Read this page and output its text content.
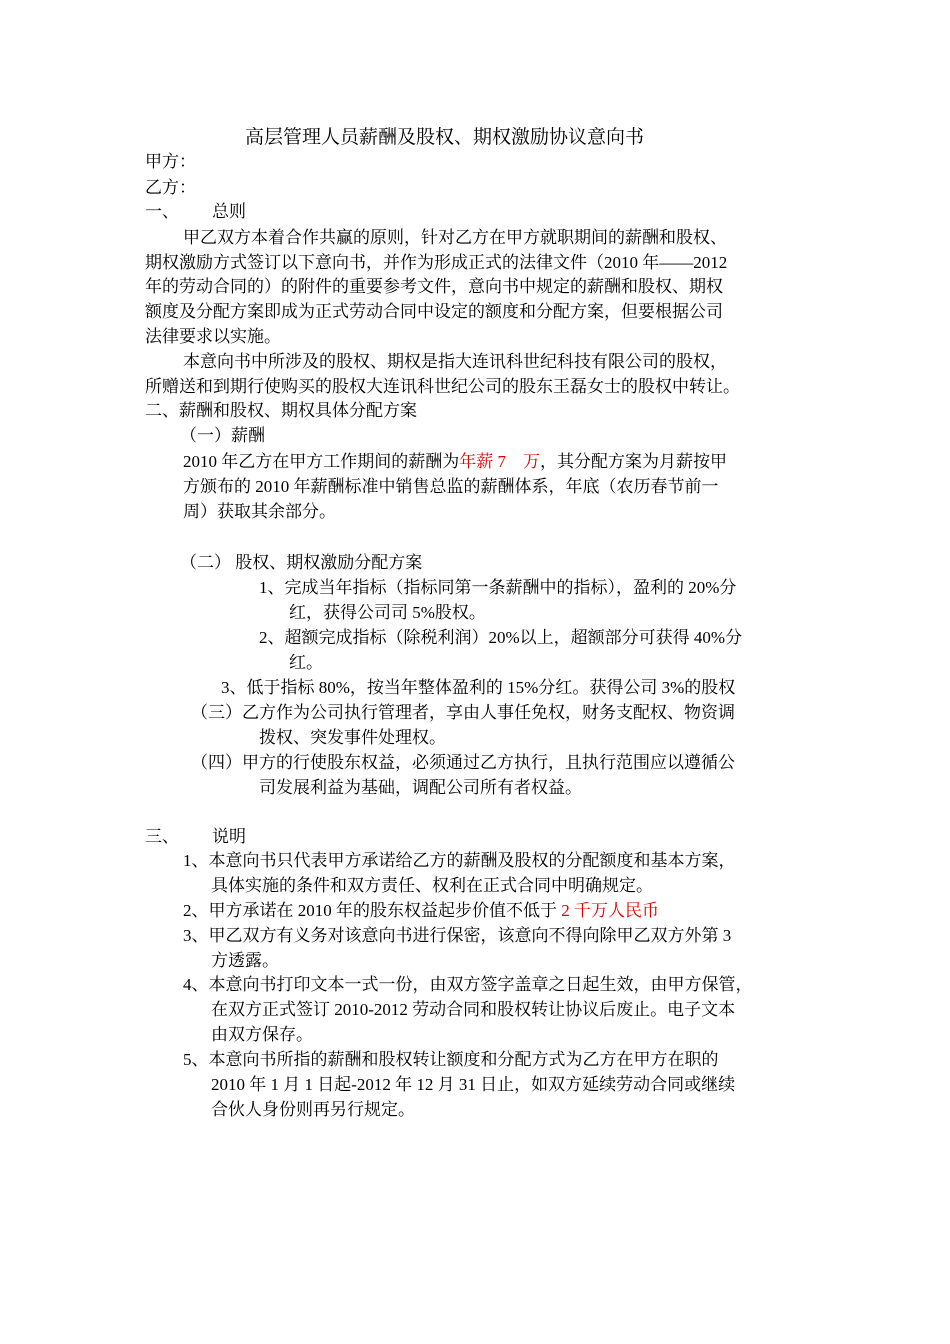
高层管理人员薪酬及股权、期权激励协议意向书
甲方：
乙方：
一、 总则
甲乙双方本着合作共赢的原则，针对乙方在甲方就职期间的薪酬和股权、
期权激励方式签订以下意向书，并作为形成正式的法律文件（2010 年——2012
年的劳动合同的）的附件的重要参考文件，意向书中规定的薪酬和股权、期权
额度及分配方案即成为正式劳动合同中设定的额度和分配方案，但要根据公司
法律要求以实施。
本意向书中所涉及的股权、期权是指大连讯科世纪科技有限公司的股权，
所赠送和到期行使购买的股权大连讯科世纪公司的股东王磊女士的股权中转让。
二、薪酬和股权、期权具体分配方案
（一）薪酬
2010 年乙方在甲方工作期间的薪酬为年薪 7　万，其分配方案为月薪按甲
方颁布的 2010 年薪酬标准中销售总监的薪酬体系，年底（农历春节前一
周）获取其余部分。
（二） 股权、期权激励分配方案
1、完成当年指标（指标同第一条薪酬中的指标），盈利的 20%分
红，获得公司司 5%股权。
2、超额完成指标（除税利润）20%以上，超额部分可获得 40%分
红。
3、低于指标 80%，按当年整体盈利的 15%分红。获得公司 3%的股权
（三）乙方作为公司执行管理者，享由人事任免权，财务支配权、物资调
拨权、突发事件处理权。
（四）甲方的行使股东权益，必须通过乙方执行，且执行范围应以遵循公
司发展利益为基础，调配公司所有者权益。
三、 说明
1、本意向书只代表甲方承诺给乙方的薪酬及股权的分配额度和基本方案，
具体实施的条件和双方责任、权利在正式合同中明确规定。
2、甲方承诺在 2010 年的股东权益起步价值不低于 2 千万人民币
3、甲乙双方有义务对该意向书进行保密，该意向不得向除甲乙双方外第 3
方透露。
4、本意向书打印文本一式一份，由双方签字盖章之日起生效，由甲方保管，
在双方正式签订 2010-2012 劳动合同和股权转让协议后废止。电子文本
由双方保存。
5、本意向书所指的薪酬和股权转让额度和分配方式为乙方在甲方在职的
2010 年 1 月 1 日起-2012 年 12 月 31 日止，如双方延续劳动合同或继续
合伙人身份则再另行规定。
